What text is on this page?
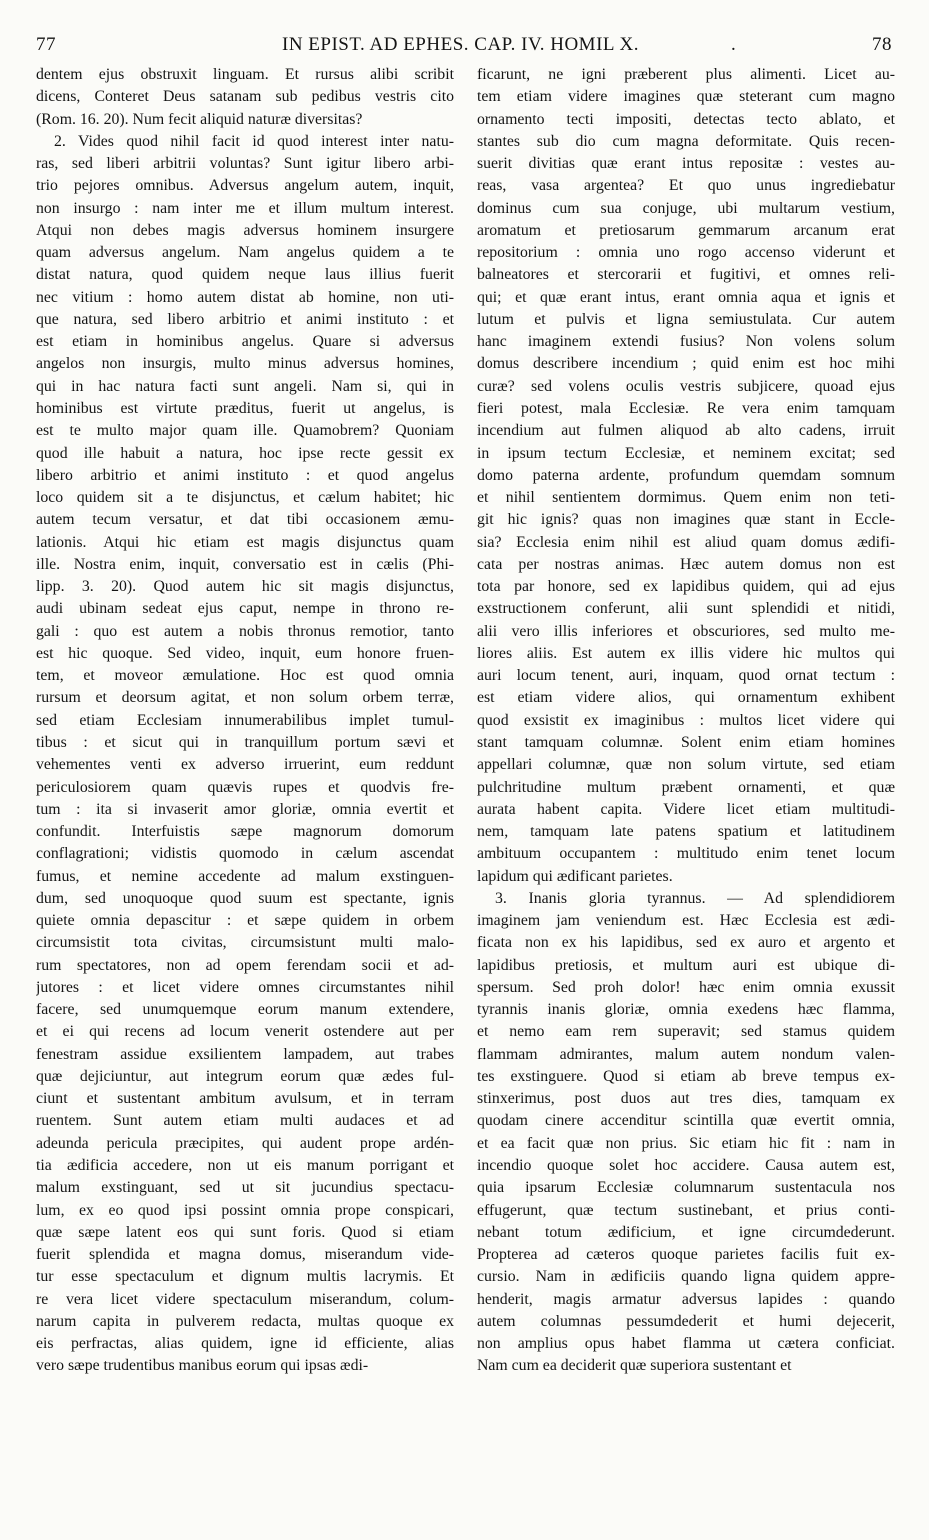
77	IN EPIST. AD EPHES. CAP. IV. HOMIL X.	.	78
dentem ejus obstruxit linguam. Et rursus alibi scribit
dicens, Conteret Deus satanam sub pedibus vestris cito
(Rom. 16. 20). Num fecit aliquid naturæ diversitas?
2. Vides quod nihil facit id quod interest inter natu-
ras, sed liberi arbitrii voluntas? Sunt igitur libero arbi-
trio pejores omnibus. Adversus angelum autem, inquit,
non insurgo : nam inter me et illum multum interest.
Atqui non debes magis adversus hominem insurgere
quam adversus angelum. Nam angelus quidem a te
distat natura, quod quidem neque laus illius fuerit
nec vitium : homo autem distat ab homine, non uti-
que natura, sed libero arbitrio et animi instituto : et
est etiam in hominibus angelus. Quare si adversus
angelos non insurgis, multo minus adversus homines,
qui in hac natura facti sunt angeli. Nam si, qui in
hominibus est virtute præditus, fuerit ut angelus, is
est te multo major quam ille. Quamobrem? Quoniam
quod ille habuit a natura, hoc ipse recte gessit ex
libero arbitrio et animi instituto : et quod angelus
loco quidem sit a te disjunctus, et cælum habitet; hic
autem tecum versatur, et dat tibi occasionem æmu-
lationis. Atqui hic etiam est magis disjunctus quam
ille. Nostra enim, inquit, conversatio est in cælis (Phi-
lipp. 3. 20). Quod autem hic sit magis disjunctus,
audi ubinam sedeat ejus caput, nempe in throno re-
gali : quo est autem a nobis thronus remotior, tanto
est hic quoque. Sed video, inquit, eum honore fruen-
tem, et moveor æmulatione. Hoc est quod omnia
rursum et deorsum agitat, et non solum orbem terræ,
sed etiam Ecclesiam innumerabilibus implet tumul-
tibus : et sicut qui in tranquillum portum sævi et
vehementes venti ex adverso irruerint, eum reddunt
periculosiorem quam quævis rupes et quodvis fre-
tum : ita si invaserit amor gloriæ, omnia evertit et
confundit. Interfuistis sæpe magnorum domorum
conflagrationi; vidistis quomodo in cælum ascendat
fumus, et nemine accedente ad malum exstinguen-
dum, sed unoquoque quod suum est spectante, ignis
quiete omnia depascitur : et sæpe quidem in orbem
circumsistit tota civitas, circumsistunt multi malo-
rum spectatores, non ad opem ferendam socii et ad-
jutores : et licet videre omnes circumstantes nihil
facere, sed unumquemque eorum manum extendere,
et ei qui recens ad locum venerit ostendere aut per
fenestram assidue exsilientem lampadem, aut trabes
quæ dejiciuntur, aut integrum eorum quæ ædes ful-
ciunt et sustentant ambitum avulsum, et in terram
ruentem. Sunt autem etiam multi audaces et ad
adeunda pericula præcipites, qui audent prope ardén-
tia ædificia accedere, non ut eis manum porrigant et
malum exstinguant, sed ut sit jucundius spectacu-
lum, ex eo quod ipsi possint omnia prope conspicari,
quæ sæpe latent eos qui sunt foris. Quod si etiam
fuerit splendida et magna domus, miserandum vide-
tur esse spectaculum et dignum multis lacrymis. Et
re vera licet videre spectaculum miserandum, colum-
narum capita in pulverem redacta, multas quoque ex
eis perfractas, alias quidem, igne id efficiente, alias
vero sæpe trudentibus manibus eorum qui ipsas ædi-
ficarunt, ne igni præberent plus alimenti. Licet au-
tem etiam videre imagines quæ steterant cum magno
ornamento tecti impositi, detectas tecto ablato, et
stantes sub dio cum magna deformitate. Quis recen-
suerit divitias quæ erant intus repositæ : vestes au-
reas, vasa argentea? Et quo unus ingrediebatur
dominus cum sua conjuge, ubi multarum vestium,
aromatum et pretiosarum gemmarum arcanum erat
repositorium : omnia uno rogo accenso viderunt et
balneatores et stercorarii et fugitivi, et omnes reli-
qui; et quæ erant intus, erant omnia aqua et ignis et
lutum et pulvis et ligna semiustulata. Cur autem
hanc imaginem extendi fusius? Non volens solum
domus describere incendium ; quid enim est hoc mihi
curæ? sed volens oculis vestris subjicere, quoad ejus
fieri potest, mala Ecclesiæ. Re vera enim tamquam
incendium aut fulmen aliquod ab alto cadens, irruit
in ipsum tectum Ecclesiæ, et neminem excitat; sed
domo paterna ardente, profundum quemdam somnum
et nihil sentientem dormimus. Quem enim non teti-
git hic ignis? quas non imagines quæ stant in Eccle-
sia? Ecclesia enim nihil est aliud quam domus ædifi-
cata per nostras animas. Hæc autem domus non est
tota par honore, sed ex lapidibus quidem, qui ad ejus
exstructionem conferunt, alii sunt splendidi et nitidi,
alii vero illis inferiores et obscuriores, sed multo me-
liores aliis. Est autem ex illis videre hic multos qui
auri locum tenent, auri, inquam, quod ornat tectum :
est etiam videre alios, qui ornamentum exhibent
quod exsistit ex imaginibus : multos licet videre qui
stant tamquam columnæ. Solent enim etiam homines
appellari columnæ, quæ non solum virtute, sed etiam
pulchritudine multum præbent ornamenti, et quæ
aurata habent capita. Videre licet etiam multitudi-
nem, tamquam late patens spatium et latitudinem
ambituum occupantem : multitudo enim tenet locum
lapidum qui ædificant parietes.
3. Inanis gloria tyrannus. — Ad splendidiorem
imaginem jam veniendum est. Hæc Ecclesia est ædi-
ficata non ex his lapidibus, sed ex auro et argento et
lapidibus pretiosis, et multum auri est ubique di-
spersum. Sed proh dolor! hæc enim omnia exussit
tyrannis inanis gloriæ, omnia exedens hæc flamma,
et nemo eam rem superavit; sed stamus quidem
flammam admirantes, malum autem nondum valen-
tes exstinguere. Quod si etiam ab breve tempus ex-
stinxerimus, post duos aut tres dies, tamquam ex
quodam cinere accenditur scintilla quæ evertit omnia,
et ea facit quæ non prius. Sic etiam hic fit : nam in
incendio quoque solet hoc accidere. Causa autem est,
quia ipsarum Ecclesiæ columnarum sustentacula nos
effugerunt, quæ tectum sustinebant, et prius conti-
nebant totum ædificium, et igne circumdederunt.
Propterea ad cæteros quoque parietes facilis fuit ex-
cursio. Nam in ædificiis quando ligna quidem appre-
henderit, magis armatur adversus lapides : quando
autem columnas pessumdederit et humi dejecerit,
non amplius opus habet flamma ut cætera conficiat.
Nam cum ea deciderit quæ superiora sustentant et
